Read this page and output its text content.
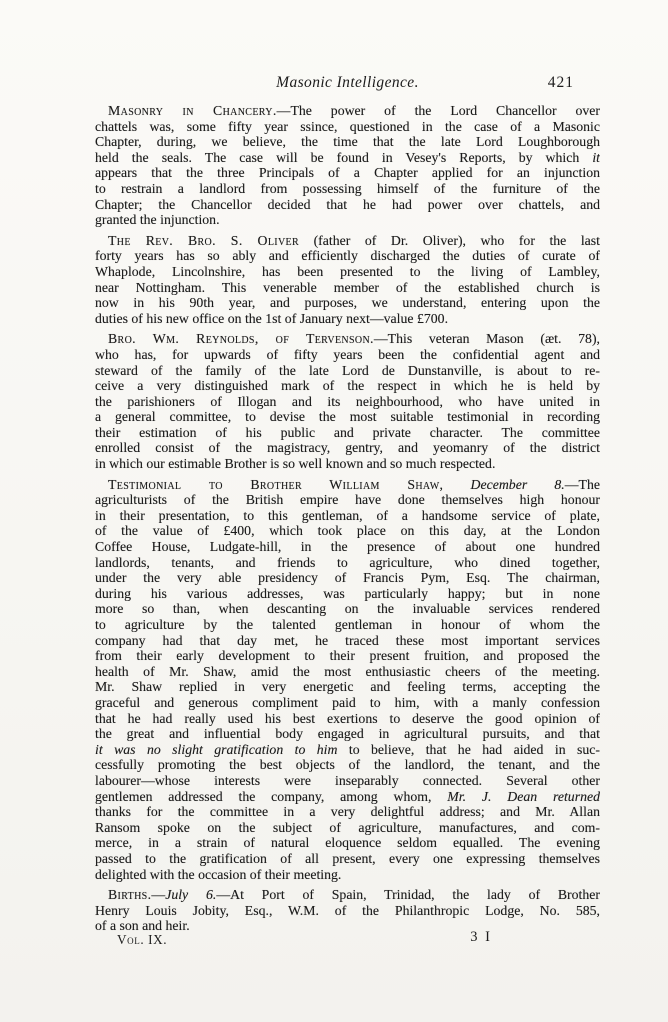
Masonic Intelligence.	421
Masonry in Chancery.—The power of the Lord Chancellor over
chattels was, some fifty year ssince, questioned in the case of a Masonic
Chapter, during, we believe, the time that the late Lord Loughborough
held the seals. The case will be found in Vesey's Reports, by which it
appears that the three Principals of a Chapter applied for an injunction
to restrain a landlord from possessing himself of the furniture of the
Chapter; the Chancellor decided that he had power over chattels, and
granted the injunction.
The Rev. Bro. S. Oliver (father of Dr. Oliver), who for the last
forty years has so ably and efficiently discharged the duties of curate of
Whaplode, Lincolnshire, has been presented to the living of Lambley,
near Nottingham. This venerable member of the established church is
now in his 90th year, and purposes, we understand, entering upon the
duties of his new office on the 1st of January next—value £700.
Bro. Wm. Reynolds, of Tervenson.—This veteran Mason (æt. 78),
who has, for upwards of fifty years been the confidential agent and
steward of the family of the late Lord de Dunstanville, is about to re-
ceive a very distinguished mark of the respect in which he is held by
the parishioners of Illogan and its neighbourhood, who have united in
a general committee, to devise the most suitable testimonial in recording
their estimation of his public and private character. The committee
enrolled consist of the magistracy, gentry, and yeomanry of the district
in which our estimable Brother is so well known and so much respected.
Testimonial to Brother William Shaw, December 8.—The
agriculturists of the British empire have done themselves high honour
in their presentation, to this gentleman, of a handsome service of plate,
of the value of £400, which took place on this day, at the London
Coffee House, Ludgate-hill, in the presence of about one hundred
landlords, tenants, and friends to agriculture, who dined together,
under the very able presidency of Francis Pym, Esq. The chairman,
during his various addresses, was particularly happy; but in none
more so than, when descanting on the invaluable services rendered
to agriculture by the talented gentleman in honour of whom the
company had that day met, he traced these most important services
from their early development to their present fruition, and proposed the
health of Mr. Shaw, amid the most enthusiastic cheers of the meeting.
Mr. Shaw replied in very energetic and feeling terms, accepting the
graceful and generous compliment paid to him, with a manly confession
that he had really used his best exertions to deserve the good opinion of
the great and influential body engaged in agricultural pursuits, and that
it was no slight gratification to him to believe, that he had aided in suc-
cessfully promoting the best objects of the landlord, the tenant, and the
labourer—whose interests were inseparably connected. Several other
gentlemen addressed the company, among whom, Mr. J. Dean returned
thanks for the committee in a very delightful address; and Mr. Allan
Ransom spoke on the subject of agriculture, manufactures, and com-
merce, in a strain of natural eloquence seldom equalled. The evening
passed to the gratification of all present, every one expressing themselves
delighted with the occasion of their meeting.
Births.—July 6.—At Port of Spain, Trinidad, the lady of Brother
Henry Louis Jobity, Esq., W.M. of the Philanthropic Lodge, No. 585,
of a son and heir.
Vol. IX.	3 I
